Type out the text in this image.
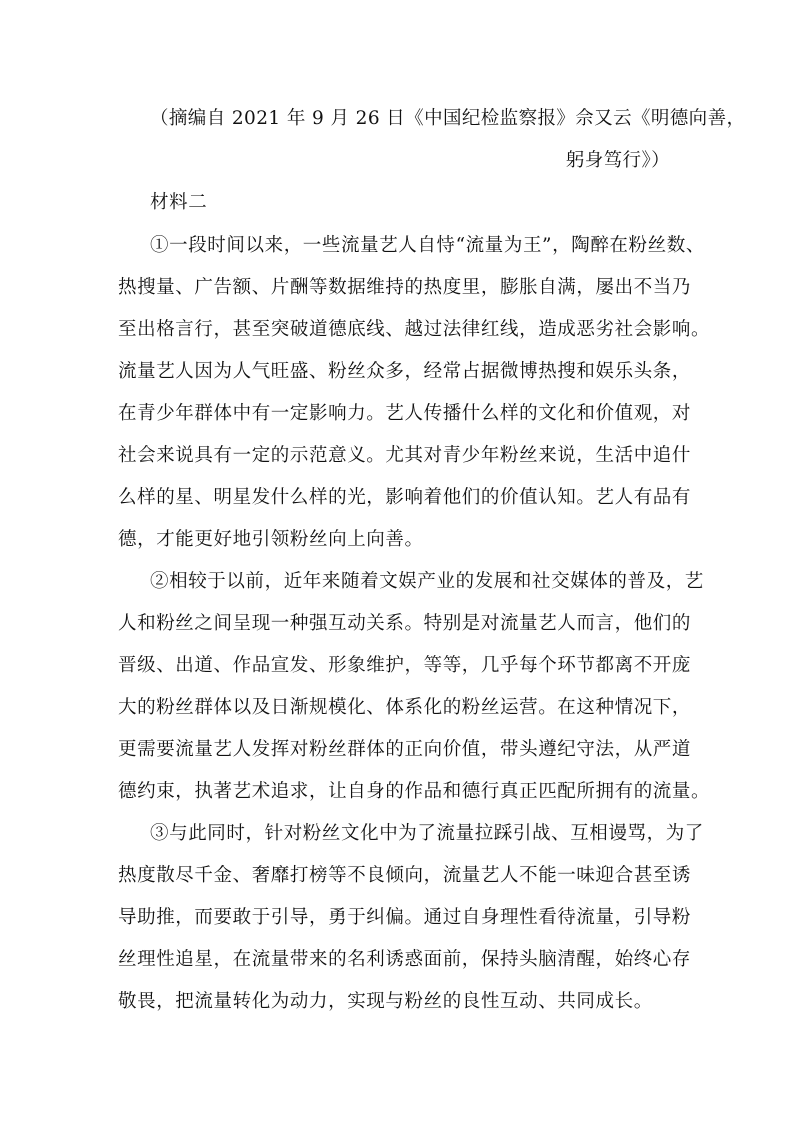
（摘编自 2021 年 9 月 26 日《中国纪检监察报》佘又云《明德向善，
躬身笃行》）
材料二
①一段时间以来，一些流量艺人自恃“流量为王”，陶醉在粉丝数、
热搜量、广告额、片酬等数据维持的热度里，膨胀自满，屡出不当乃
至出格言行，甚至突破道德底线、越过法律红线，造成恶劣社会影响。
流量艺人因为人气旺盛、粉丝众多，经常占据微博热搜和娱乐头条，
在青少年群体中有一定影响力。艺人传播什么样的文化和价值观，对
社会来说具有一定的示范意义。尤其对青少年粉丝来说，生活中追什
么样的星、明星发什么样的光，影响着他们的价值认知。艺人有品有
德，才能更好地引领粉丝向上向善。
②相较于以前，近年来随着文娱产业的发展和社交媒体的普及，艺
人和粉丝之间呈现一种强互动关系。特别是对流量艺人而言，他们的
晋级、出道、作品宣发、形象维护，等等，几乎每个环节都离不开庞
大的粉丝群体以及日渐规模化、体系化的粉丝运营。在这种情况下，
更需要流量艺人发挥对粉丝群体的正向价值，带头遵纪守法，从严道
德约束，执著艺术追求，让自身的作品和德行真正匹配所拥有的流量。
③与此同时，针对粉丝文化中为了流量拉踩引战、互相谩骂，为了
热度散尽千金、奢靡打榜等不良倾向，流量艺人不能一味迎合甚至诱
导助推，而要敢于引导，勇于纠偏。通过自身理性看待流量，引导粉
丝理性追星，在流量带来的名利诱惑面前，保持头脑清醒，始终心存
敬畏，把流量转化为动力，实现与粉丝的良性互动、共同成长。
